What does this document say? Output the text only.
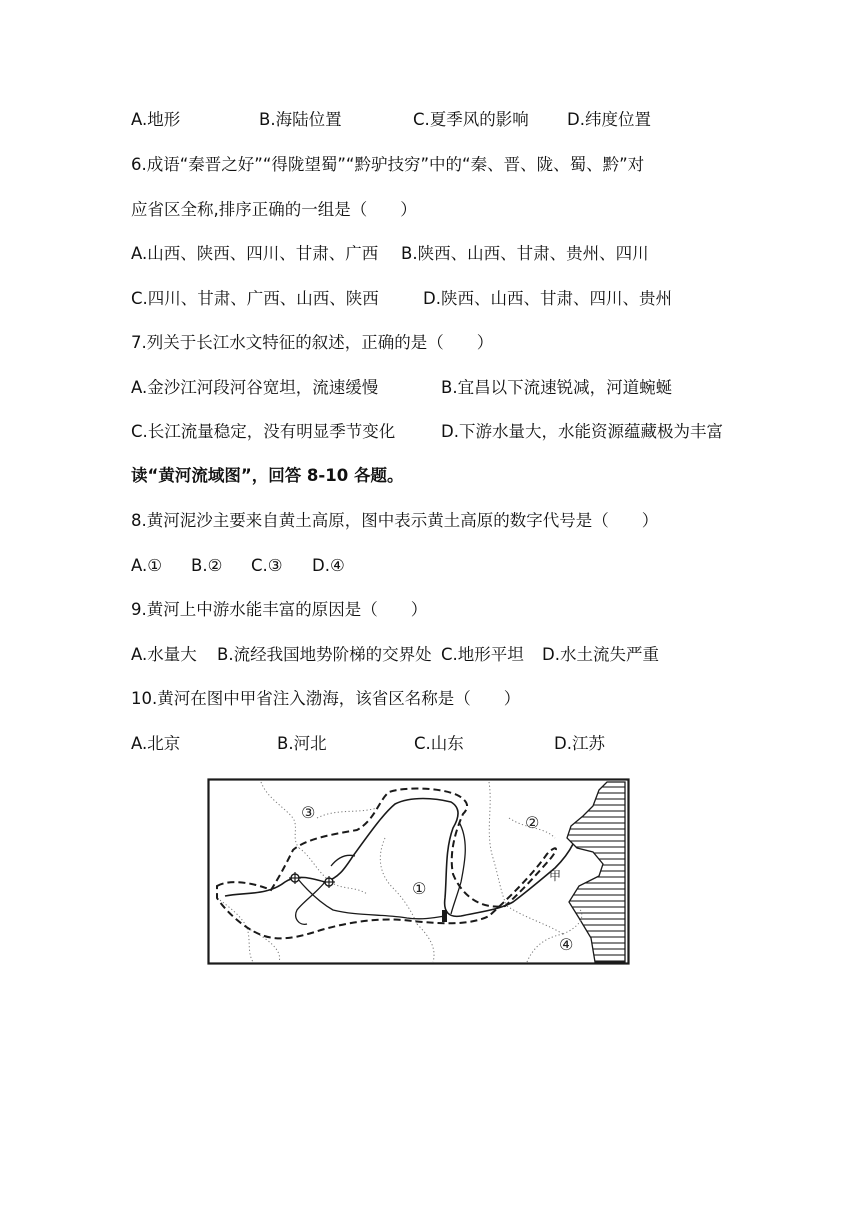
A.地形	B.海陆位置	C.夏季风的影响 D.纬度位置
6.成语“秦晋之好”“得陇望蜀”“黔驴技穷”中的“秦、晋、陇、蜀、黔”对
应省区全称,排序正确的一组是（　　）
A.山西、陕西、四川、甘肃、广西 B.陕西、山西、甘肃、贵州、四川
C.四川、甘肃、广西、山西、陕西	D.陕西、山西、甘肃、四川、贵州
7.列关于长江水文特征的叙述，正确的是（　　）
A.金沙江河段河谷宽坦，流速缓慢	B.宜昌以下流速锐减，河道蜿蜒
C.长江流量稳定，没有明显季节变化	D.下游水量大，水能资源蕴藏极为丰富
读“黄河流域图”，回答 8-10 各题。
8.黄河泥沙主要来自黄土高原，图中表示黄土高原的数字代号是（　　）
A.① B.② C.③ D.④
9.黄河上中游水能丰富的原因是（　　）
A.水量大 B.流经我国地势阶梯的交界处 C.地形平坦 D.水土流失严重
10.黄河在图中甲省注入渤海，该省区名称是（　　）
A.北京	B.河北	C.山东	D.江苏
③
②
①
④
甲
